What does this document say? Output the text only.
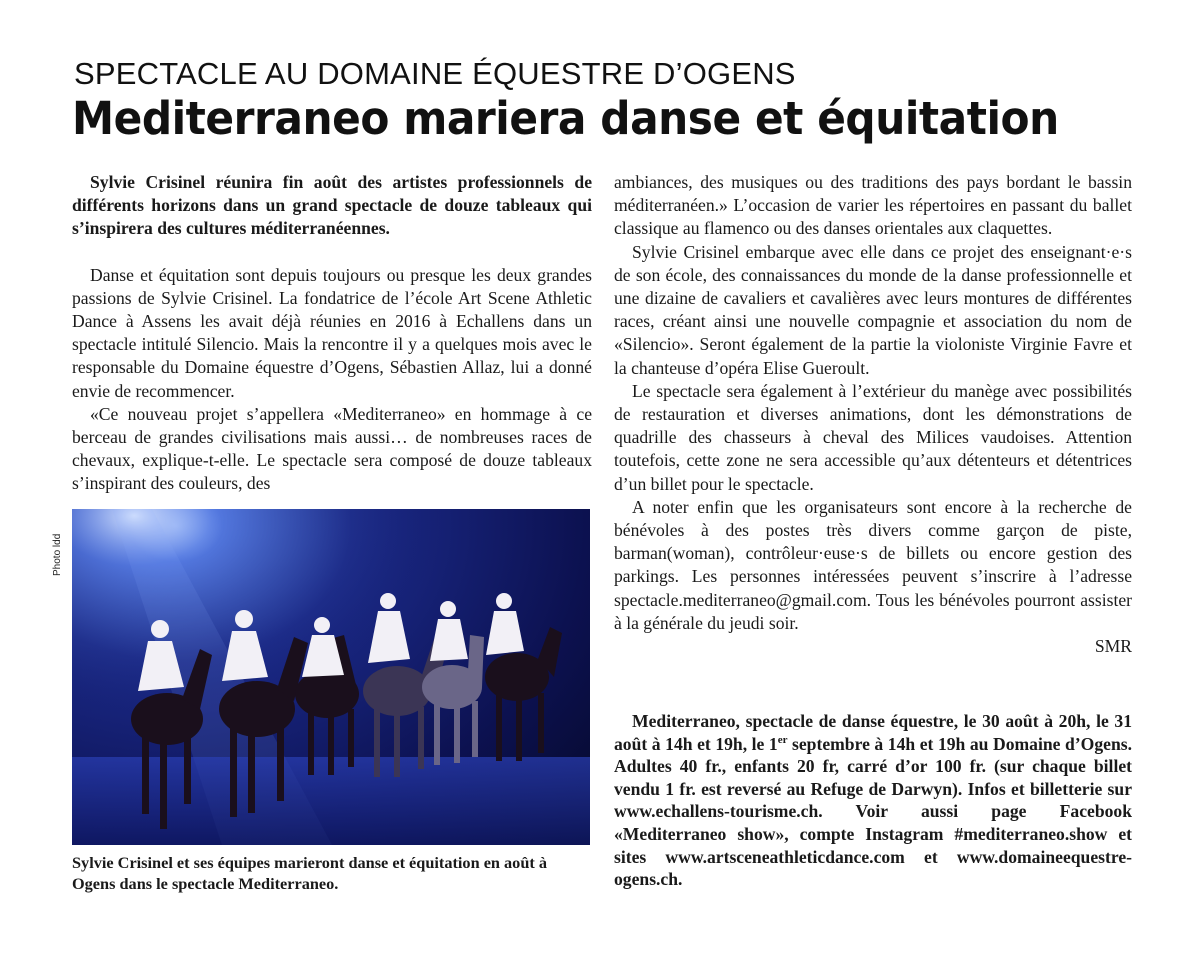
SPECTACLE AU DOMAINE ÉQUESTRE D’OGENS
Mediterraneo mariera danse et équitation

Sylvie Crisinel réunira fin août des artistes professionnels de différents horizons dans un grand spectacle de douze tableaux qui s’inspirera des cultures méditerranéennes.

Danse et équitation sont depuis toujours ou presque les deux grandes passions de Sylvie Crisinel. La fondatrice de l’école Art Scene Athletic Dance à Assens les avait déjà réunies en 2016 à Echallens dans un spectacle intitulé Silencio. Mais la rencontre il y a quelques mois avec le responsable du Domaine équestre d’Ogens, Sébastien Allaz, lui a donné envie de recommencer.

«Ce nouveau projet s’appellera «Mediterraneo» en hommage à ce berceau de grandes civilisations mais aussi… de nombreuses races de chevaux, explique-t-elle. Le spectacle sera composé de douze tableaux s’inspirant des couleurs, des

ambiances, des musiques ou des traditions des pays bordant le bassin méditerranéen.» L’occasion de varier les répertoires en passant du ballet classique au flamenco ou des danses orientales aux claquettes.

Sylvie Crisinel embarque avec elle dans ce projet des enseignant·e·s de son école, des connaissances du monde de la danse professionnelle et une dizaine de cavaliers et cavalières avec leurs montures de différentes races, créant ainsi une nouvelle compagnie et association du nom de «Silencio». Seront également de la partie la violoniste Virginie Favre et la chanteuse d’opéra Elise Gueroult.

Le spectacle sera également à l’extérieur du manège avec possibilités de restauration et diverses animations, dont les démonstrations de quadrille des chasseurs à cheval des Milices vaudoises. Attention toutefois, cette zone ne sera accessible qu’aux détenteurs et détentrices d’un billet pour le spectacle.

A noter enfin que les organisateurs sont encore à la recherche de bénévoles à des postes très divers comme garçon de piste, barman(woman), contrôleur·euse·s de billets ou encore gestion des parkings. Les personnes intéressées peuvent s’inscrire à l’adresse spectacle.mediterraneo@gmail.com. Tous les bénévoles pourront assister à la générale du jeudi soir.

SMR

Mediterraneo, spectacle de danse équestre, le 30 août à 20h, le 31 août à 14h et 19h, le 1er septembre à 14h et 19h au Domaine d’Ogens. Adultes 40 fr., enfants 20 fr, carré d’or 100 fr. (sur chaque billet vendu 1 fr. est reversé au Refuge de Darwyn). Infos et billetterie sur www.echallens-tourisme.ch. Voir aussi page Facebook «Mediterraneo show», compte Instagram #mediterraneo.show et sites www.artsceneathleticdance.com et www.domaineequestre-ogens.ch.

Photo ldd
Sylvie Crisinel et ses équipes marieront danse et équitation en août à Ogens dans le spectacle Mediterraneo.
